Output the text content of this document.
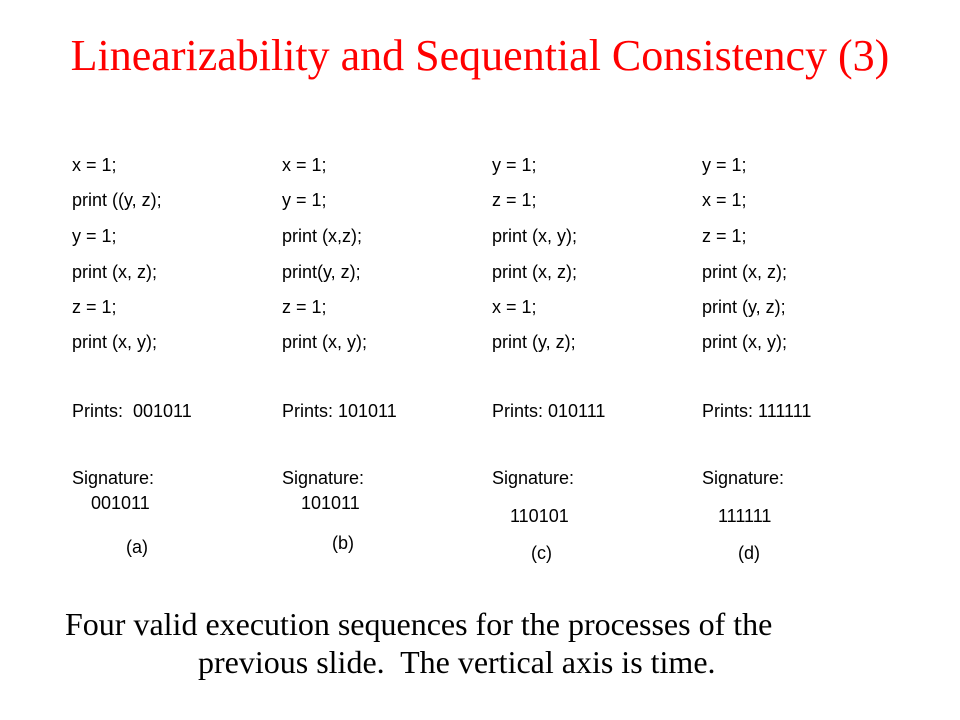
Linearizability and Sequential Consistency (3)
x = 1;
print ((y, z);
y = 1;
print (x, z);
z = 1;
print (x, y);
Prints:  001011
Signature:
001011
(a)
x = 1;
y = 1;
print (x,z);
print(y, z);
z = 1;
print (x, y);
Prints: 101011
Signature:
101011
(b)
y = 1;
z = 1;
print (x, y);
print (x, z);
x = 1;
print (y, z);
Prints: 010111
Signature:
110101
(c)
y = 1;
x = 1;
z = 1;
print (x, z);
print (y, z);
print (x, y);
Prints: 111111
Signature:
111111
(d)
Four valid execution sequences for the processes of the
previous slide.  The vertical axis is time.
